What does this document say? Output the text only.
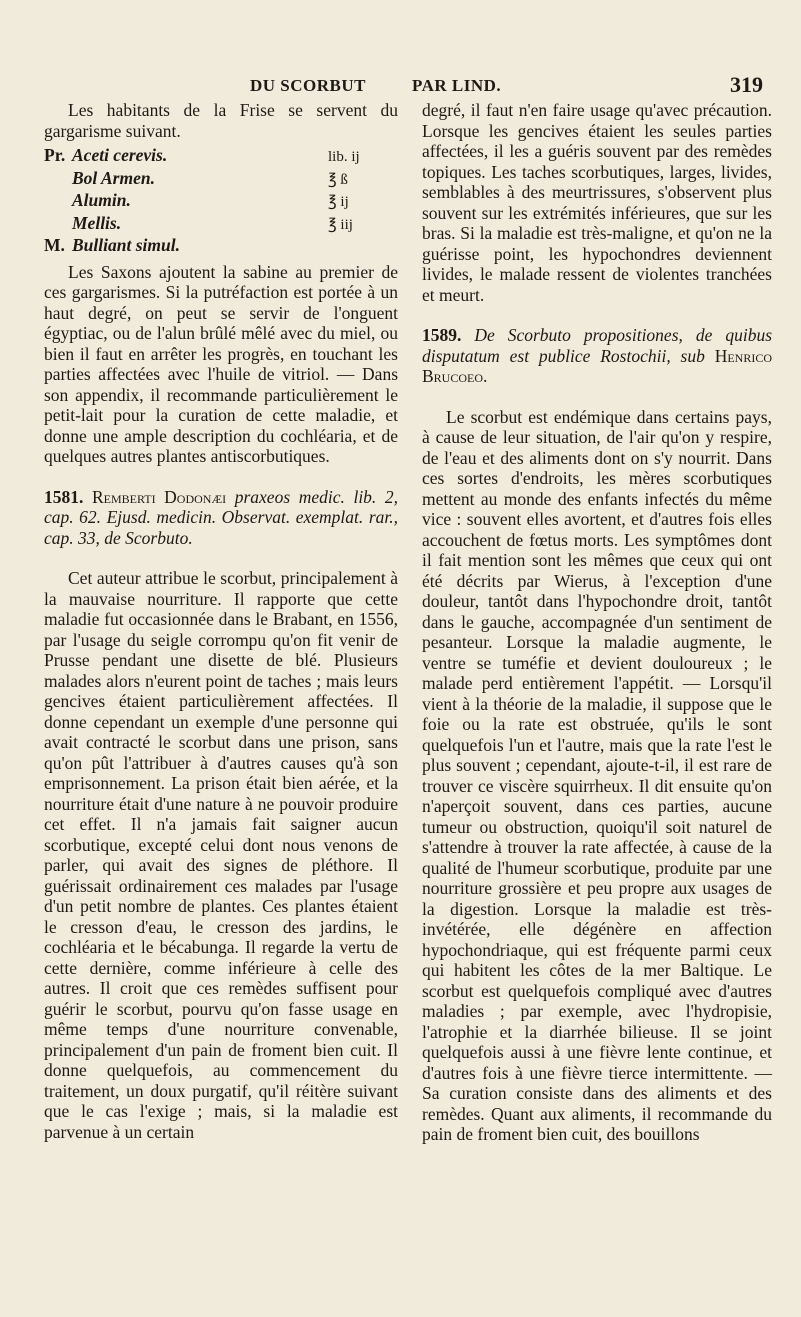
DU SCORBUT	PAR LIND.	319

Les habitants de la Frise se servent du gargarisme suivant.

Pr. Aceti cerevis.	lib. ij
Bol Armen.	℥ ß
Alumin.	℥ ij
Mellis.	℥ iij
M. Bulliant simul.

Les Saxons ajoutent la sabine au premier de ces gargarismes. Si la putréfaction est portée à un haut degré, on peut se servir de l'onguent égyptiac, ou de l'alun brûlé mêlé avec du miel, ou bien il faut en arrêter les progrès, en touchant les parties affectées avec l'huile de vitriol. — Dans son appendix, il recommande particulièrement le petit-lait pour la curation de cette maladie, et donne une ample description du cochléaria, et de quelques autres plantes antiscorbutiques.

1581. Remberti Dodonæi praxeos medic. lib. 2, cap. 62. Ejusd. medicin. Observat. exemplat. rar., cap. 33, de Scorbuto.

Cet auteur attribue le scorbut, principalement à la mauvaise nourriture. Il rapporte que cette maladie fut occasionnée dans le Brabant, en 1556, par l'usage du seigle corrompu qu'on fit venir de Prusse pendant une disette de blé. Plusieurs malades alors n'eurent point de taches ; mais leurs gencives étaient particulièrement affectées. Il donne cependant un exemple d'une personne qui avait contracté le scorbut dans une prison, sans qu'on pût l'attribuer à d'autres causes qu'à son emprisonnement. La prison était bien aérée, et la nourriture était d'une nature à ne pouvoir produire cet effet. Il n'a jamais fait saigner aucun scorbutique, excepté celui dont nous venons de parler, qui avait des signes de pléthore. Il guérissait ordinairement ces malades par l'usage d'un petit nombre de plantes. Ces plantes étaient le cresson d'eau, le cresson des jardins, le cochléaria et le bécabunga. Il regarde la vertu de cette dernière, comme inférieure à celle des autres. Il croit que ces remèdes suffisent pour guérir le scorbut, pourvu qu'on fasse usage en même temps d'une nourriture convenable, principalement d'un pain de froment bien cuit. Il donne quelquefois, au commencement du traitement, un doux purgatif, qu'il réitère suivant que le cas l'exige ; mais, si la maladie est parvenue à un certain

degré, il faut n'en faire usage qu'avec précaution. Lorsque les gencives étaient les seules parties affectées, il les a guéris souvent par des remèdes topiques. Les taches scorbutiques, larges, livides, semblables à des meurtrissures, s'observent plus souvent sur les extrémités inférieures, que sur les bras. Si la maladie est très-maligne, et qu'on ne la guérisse point, les hypochondres deviennent livides, le malade ressent de violentes tranchées et meurt.

1589. De Scorbuto propositiones, de quibus disputatum est publice Rostochii, sub Henrico Brucoeo.

Le scorbut est endémique dans certains pays, à cause de leur situation, de l'air qu'on y respire, de l'eau et des aliments dont on s'y nourrit. Dans ces sortes d'endroits, les mères scorbutiques mettent au monde des enfants infectés du même vice : souvent elles avortent, et d'autres fois elles accouchent de fœtus morts. Les symptômes dont il fait mention sont les mêmes que ceux qui ont été décrits par Wierus, à l'exception d'une douleur, tantôt dans l'hypochondre droit, tantôt dans le gauche, accompagnée d'un sentiment de pesanteur. Lorsque la maladie augmente, le ventre se tuméfie et devient douloureux ; le malade perd entièrement l'appétit. — Lorsqu'il vient à la théorie de la maladie, il suppose que le foie ou la rate est obstruée, qu'ils le sont quelquefois l'un et l'autre, mais que la rate l'est le plus souvent ; cependant, ajoute-t-il, il est rare de trouver ce viscère squirrheux. Il dit ensuite qu'on n'aperçoit souvent, dans ces parties, aucune tumeur ou obstruction, quoiqu'il soit naturel de s'attendre à trouver la rate affectée, à cause de la qualité de l'humeur scorbutique, produite par une nourriture grossière et peu propre aux usages de la digestion. Lorsque la maladie est très-invétérée, elle dégénère en affection hypochondriaque, qui est fréquente parmi ceux qui habitent les côtes de la mer Baltique. Le scorbut est quelquefois compliqué avec d'autres maladies ; par exemple, avec l'hydropisie, l'atrophie et la diarrhée bilieuse. Il se joint quelquefois aussi à une fièvre lente continue, et d'autres fois à une fièvre tierce intermittente. — Sa curation consiste dans des aliments et des remèdes. Quant aux aliments, il recommande du pain de froment bien cuit, des bouillons
